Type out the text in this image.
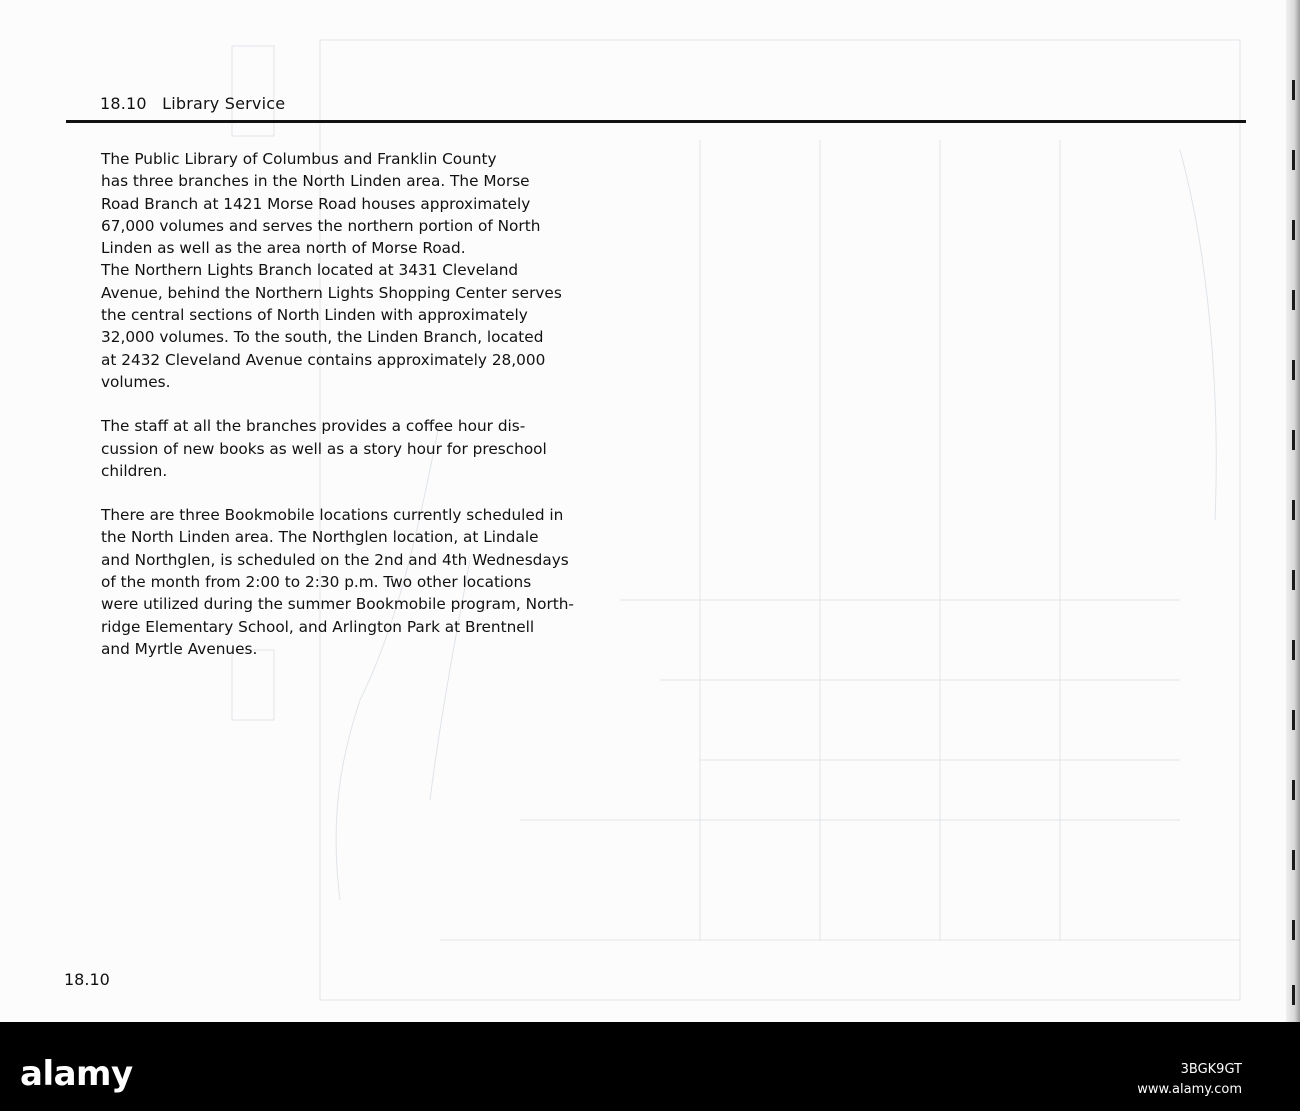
18.10 Library Service

The Public Library of Columbus and Franklin County
has three branches in the North Linden area. The Morse
Road Branch at 1421 Morse Road houses approximately
67,000 volumes and serves the northern portion of North
Linden as well as the area north of Morse Road.
The Northern Lights Branch located at 3431 Cleveland
Avenue, behind the Northern Lights Shopping Center serves
the central sections of North Linden with approximately
32,000 volumes. To the south, the Linden Branch, located
at 2432 Cleveland Avenue contains approximately 28,000
volumes.

The staff at all the branches provides a coffee hour dis-
cussion of new books as well as a story hour for preschool
children.

There are three Bookmobile locations currently scheduled in
the North Linden area. The Northglen location, at Lindale
and Northglen, is scheduled on the 2nd and 4th Wednesdays
of the month from 2:00 to 2:30 p.m. Two other locations
were utilized during the summer Bookmobile program, North-
ridge Elementary School, and Arlington Park at Brentnell
and Myrtle Avenues.

18.10
alamy	3BGK9GT
www.alamy.com
